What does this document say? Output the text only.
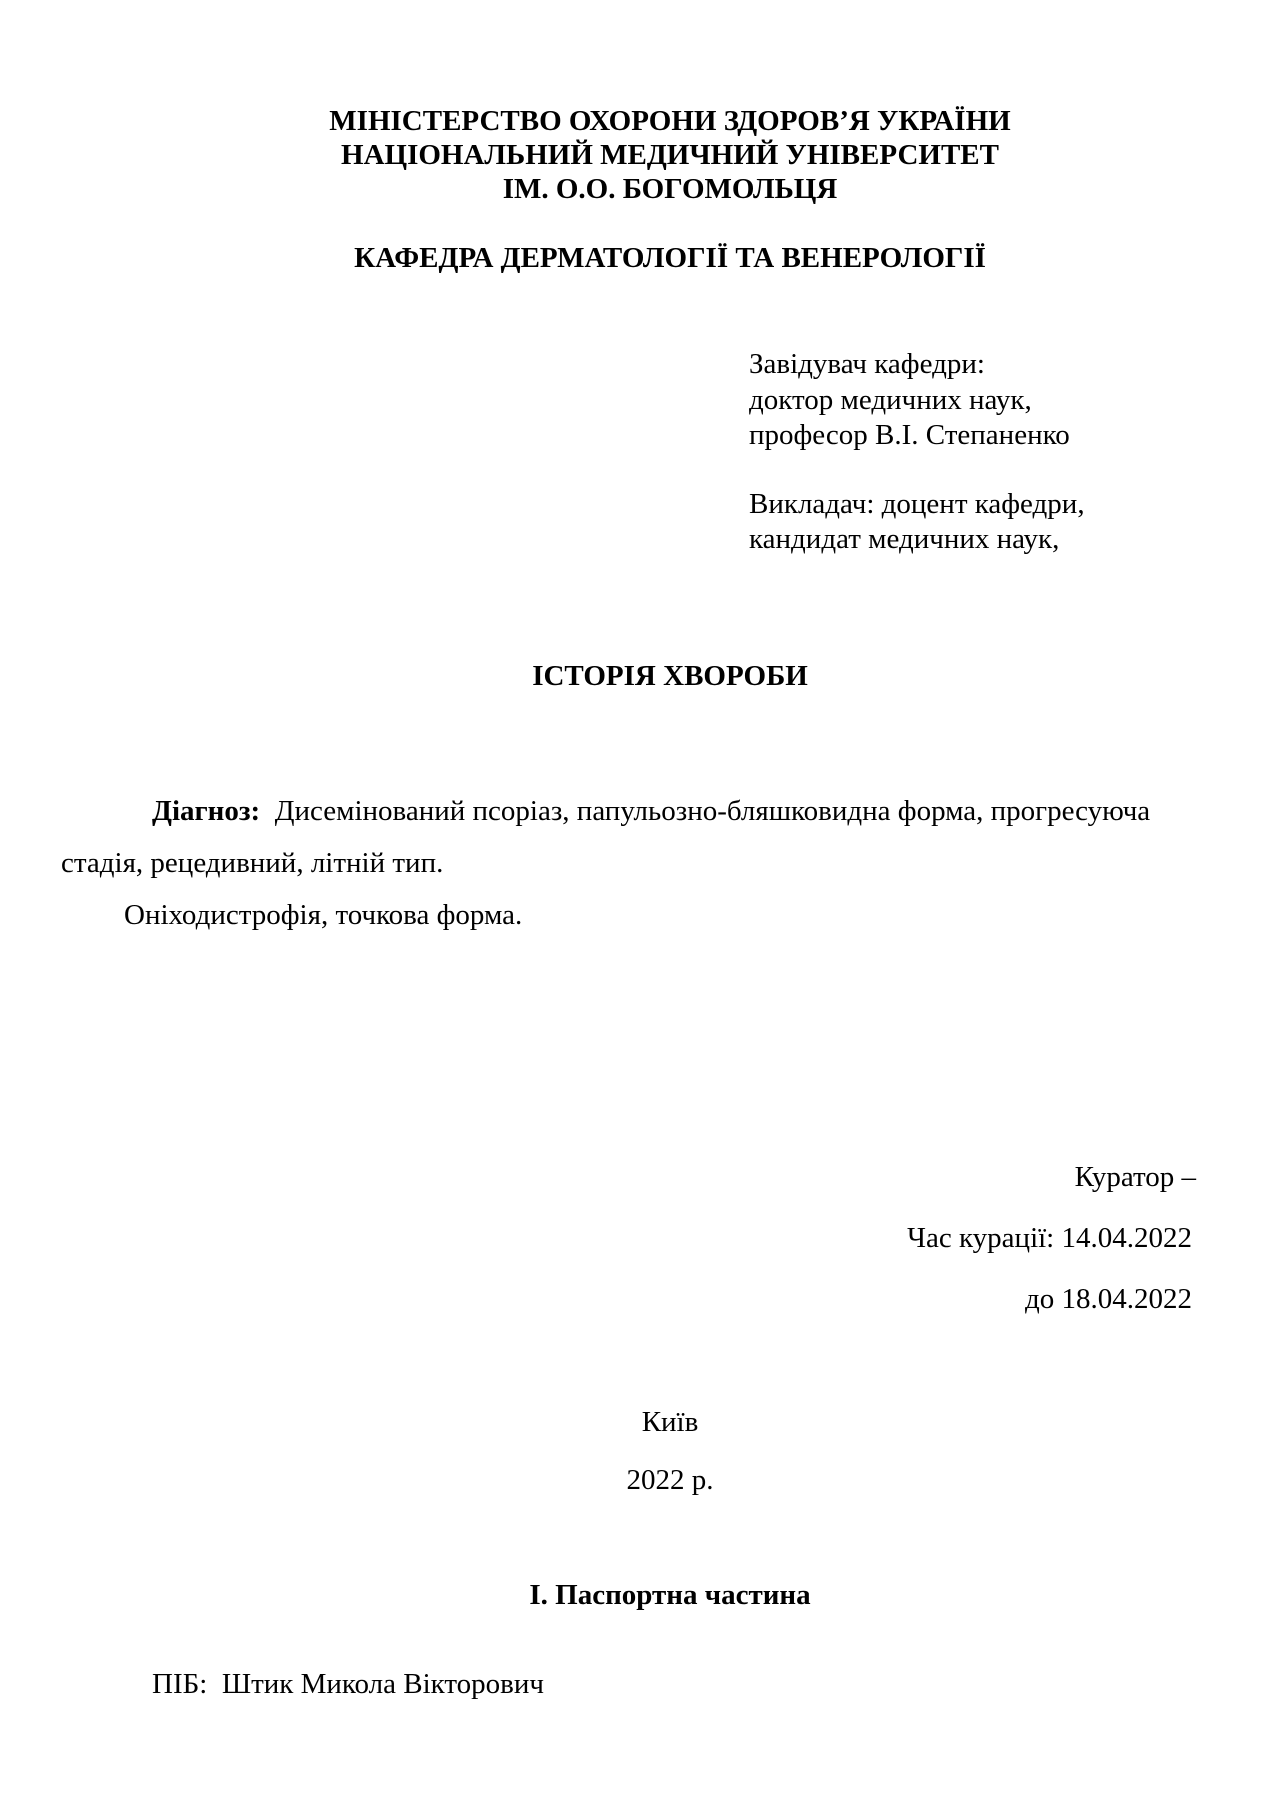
МІНІСТЕРСТВО ОХОРОНИ ЗДОРОВ’Я УКРАЇНИ
НАЦІОНАЛЬНИЙ МЕДИЧНИЙ УНІВЕРСИТЕТ
ІМ. О.О. БОГОМОЛЬЦЯ
КАФЕДРА ДЕРМАТОЛОГІЇ ТА ВЕНЕРОЛОГІЇ
Завідувач кафедри:
доктор медичних наук,
професор В.І. Степаненко
Викладач: доцент кафедри,
кандидат медичних наук,
ІСТОРІЯ ХВОРОБИ
Діагноз: Дисемінований псоріаз, папульозно-бляшковидна форма, прогресуюча
стадія, рецедивний, літній тип.
Оніходистрофія, точкова форма.
Куратор –
Час курації: 14.04.2022
до 18.04.2022
Київ
2022 р.
І. Паспортна частина
ПІБ: Штик Микола Вікторович
